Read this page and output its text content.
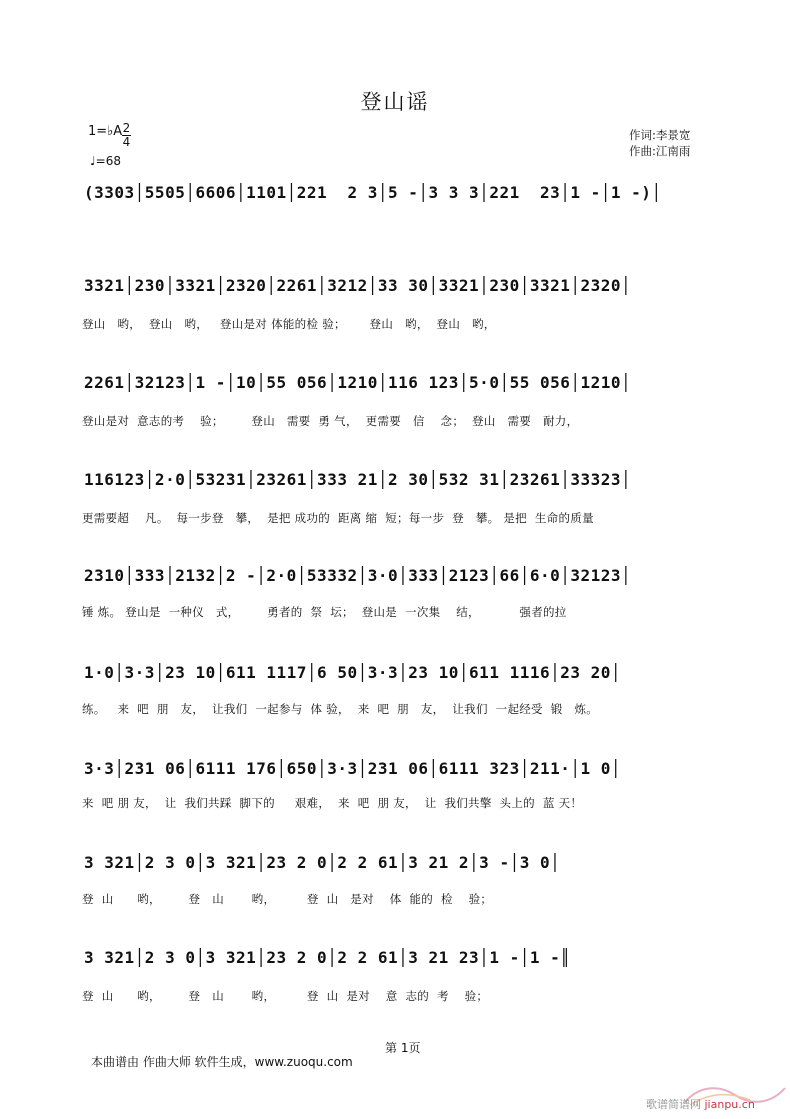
登山谣
1=♭A 2
4
♩=68
作词:李景宽
作曲:江南雨

(3303│5505│6606│1101│221  2 3│5 -│3 3 3│221  23│1 -│1 -)│

3321│230│3321│2320│2261│3212│33 30│3321│230│3321│2320│

登山   哟，  登山   哟，   登山是对 体能的检 验；      登山   哟，  登山   哟，

2261│32123│1 -│10│55 056│1210│116 123│5·0│55 056│1210│

登山是对  意志的考    验；       登山   需要  勇 气，  更需要   信    念；  登山   需要   耐力，

116123│2·0│53231│23261│333 21│2 30│532 31│23261│33323│

更需要超    凡。  每一步登   攀，  是把 成功的  距离 缩  短；每一步  登   攀。 是把  生命的质量

2310│333│2132│2 -│2·0│53332│3·0│333│2123│66│6·0│32123│

锤 炼。 登山是  一种仪   式，       勇者的  祭  坛；  登山是  一次集    结，          强者的拉

1·0│3·3│23 10│611 1117│6 50│3·3│23 10│611 1116│23 20│

练。   来  吧  朋   友，  让我们  一起参与  体 验，  来  吧  朋   友，  让我们  一起经受  锻   炼。

3·3│231 06│6111 176│650│3·3│231 06│6111 323│211·│1 0│

来  吧 朋 友，  让  我们共踩  脚下的     艰难，  来  吧  朋 友，  让  我们共擎  头上的  蓝 天！

3 321│2 3 0│3 321│23 2 0│2 2 61│3 21 2│3 -│3 0│

登  山      哟，       登   山       哟，        登  山   是对    体  能的  检    验；

3 321│2 3 0│3 321│23 2 0│2 2 61│3 21 23│1 -│1 -║

登  山      哟，       登   山       哟，        登  山  是对    意  志的  考    验；
第 1页
本曲谱由 作曲大师 软件生成，www.zuoqu.com
歌谱简谱网 jianpu.cn
